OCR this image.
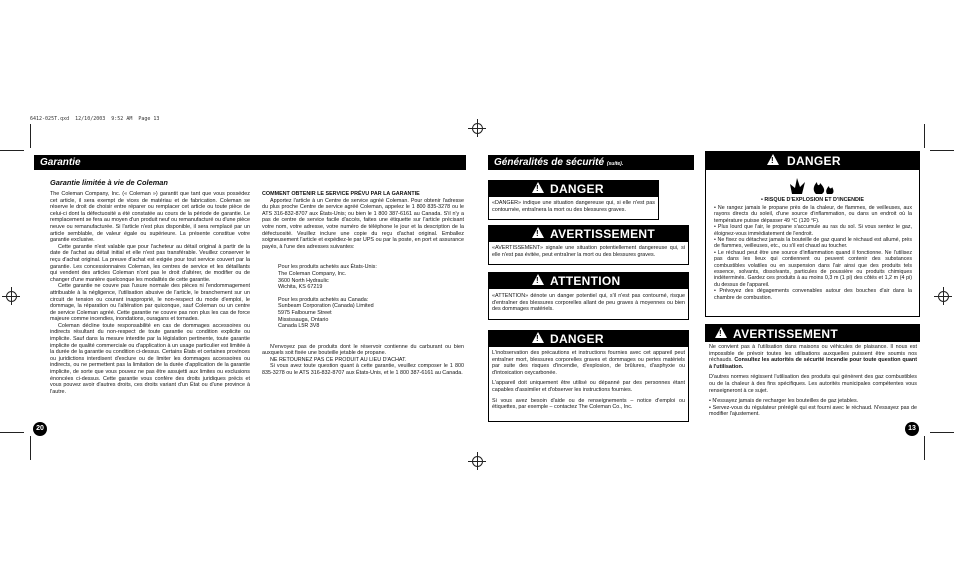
6412-025T.qxd  12/10/2003  9:52 AM  Page 13
Garantie
Garantie limitée à vie de Coleman

The Coleman Company, Inc. (« Coleman ») garantit que tant que vous possédez cet article, il sera exempt de vices de matériau et de fabrication. Coleman se réserve le droit de choisir entre réparer ou remplacer cet article ou toute pièce de celui-ci dont la défectuosité a été constatée au cours de la période de garantie. Le remplacement se fera au moyen d'un produit neuf ou remanufacturé ou d'une pièce neuve ou remanufacturée. Si l'article n'est plus disponible, il sera remplacé par un article semblable, de valeur égale ou supérieure. La présente constitue votre garantie exclusive.

Cette garantie n'est valable que pour l'acheteur au détail original à partir de la date de l'achat au détail initial et elle n'est pas transférable. Veuillez conserver le reçu d'achat original. La preuve d'achat est exigée pour tout service couvert par la garantie. Les concessionnaires Coleman, les centres de service et les détaillants qui vendent des articles Coleman n'ont pas le droit d'altérer, de modifier ou de changer d'une manière quelconque les modalités de cette garantie.

Cette garantie ne couvre pas l'usure normale des pièces ni l'endommagement attribuable à la négligence, l'utilisation abusive de l'article, le branchement sur un circuit de tension ou courant inapproprié, le non-respect du mode d'emploi, le dommage, la réparation ou l'altération par quiconque, sauf Coleman ou un centre de service Coleman agréé. Cette garantie ne couvre pas non plus les cas de force majeure comme incendies, inondations, ouragans et tornades.

Coleman décline toute responsabilité en cas de dommages accessoires ou indirects résultant du non-respect de toute garantie ou condition explicite ou implicite. Sauf dans la mesure interdite par la législation pertinente, toute garantie implicite de qualité commerciale ou d'application à un usage particulier est limitée à la durée de la garantie ou condition ci-dessus. Certains États et certaines provinces ou juridictions interdisent d'exclure ou de limiter les dommages accessoires ou indirects, ou ne permettent pas la limitation de la durée d'application de la garantie implicite, de sorte que vous pouvez ne pas être assujetti aux limites ou exclusions énoncées ci-dessus. Cette garantie vous confère des droits juridiques précis et vous pouvez avoir d'autres droits, ces droits variant d'un État ou d'une province à l'autre.

COMMENT OBTENIR LE SERVICE PRÉVU PAR LA GARANTIE

Apportez l'article à un Centre de service agréé Coleman. Pour obtenir l'adresse du plus proche Centre de service agréé Coleman, appelez le 1 800 835-3278 ou le ATS 316-832-8707 aux États-Unis; ou bien le 1 800 387-6161 au Canada. S'il n'y a pas de centre de service facile d'accès, faites une étiquette sur l'article précisant votre nom, votre adresse, votre numéro de téléphone le jour et la description de la défectuosité. Veuillez inclure une copie du reçu d'achat original. Emballez soigneusement l'article et expédiez-le par UPS ou par la poste, en port et assurance payés, à l'une des adresses suivantes:

Pour les produits achetés aux États-Unis:

The Coleman Company, Inc.
3600 North Hydraulic
Wichita, KS 67219

Pour les produits achetés au Canada:

Sunbeam Corporation (Canada) Limited
5975 Falbourne Street
Mississauga, Ontario
Canada L5R 3V8

N'envoyez pas de produits dont le réservoir contienne du carburant ou bien auxquels soit fixée une bouteille jetable de propane.

NE RETOURNEZ PAS CE PRODUIT AU LIEU D'ACHAT.

Si vous avez toute question quant à cette garantie, veuillez composer le 1 800 835-3278 ou le ATS 316-832-8707 aux États-Unis, et le 1 800 387-6161 au Canada.

20
Généralités de sécurité (suite).
!
DANGER
«DANGER» indique une situation dangereuse qui, si elle n'est pas contournée, entraînera la mort ou des blessures graves.
!
AVERTISSEMENT
«AVERTISSEMENT» signale une situation potentiellement dangereuse qui, si elle n'est pas évitée, peut entraîner la mort ou des blessures graves.
!
ATTENTION
«ATTENTION» dénote un danger potentiel qui, s'il n'est pas contourné, risque d'entraîner des blessures corporelles allant de peu graves à moyennes ou bien des dommages matériels.
!
DANGER

L'inobservation des précautions et instructions fournies avec cet appareil peut entraîner mort, blessures corporelles graves et dommages ou pertes matériels par suite des risques d'incendie, d'explosion, de brûlures, d'asphyxie ou d'intoxication oxycarbonée.

L'appareil doit uniquement être utilisé ou dépanné par des personnes étant capables d'assimiler et d'observer les instructions fournies.

Si vous avez besoin d'aide ou de renseignements – notice d'emploi ou étiquettes, par exemple – contactez The Coleman Co., Inc.

!
DANGER
• RISQUE D'EXPLOSION ET D'INCENDIE

• Ne rangez jamais le propane près de la chaleur, de flammes, de veilleuses, aux rayons directs du soleil, d'une source d'inflammation, ou dans un endroit où la température puisse dépasser 49 °C (120 °F).

• Plus lourd que l'air, le propane s'accumule au ras du sol. Si vous sentez le gaz, éloignez-vous immédiatement de l'endroit.

• Ne fixez ou détachez jamais la bouteille de gaz quand le réchaud est allumé, près de flammes, veilleuses, etc., ou s'il est chaud au toucher.

• Le réchaud peut être une source d'inflammation quand il fonctionne. Ne l'utilisez pas dans les lieux qui contiennent ou peuvent contenir des substances combustibles volatiles ou en suspension dans l'air ainsi que des produits tels essence, solvants, dissolvants, particules de poussière ou produits chimiques indéterminés. Gardez ces produits à au moins 0,3 m (1 pi) des côtés et 1,2 m (4 pi) du dessus de l'appareil.

• Prévoyez des dégagements convenables autour des bouches d'air dans la chambre de combustion.

!
AVERTISSEMENT

Ne convient pas à l'utilisation dans maisons ou véhicules de plaisance. Il nous est impossible de prévoir toutes les utilisations auxquelles puissent être soumis nos réchauds. Consultez les autorités de sécurité incendie pour toute question quant à l'utilisation.

D'autres normes régissent l'utilisation des produits qui génèrent des gaz combustibles ou de la chaleur à des fins spécifiques. Les autorités municipales compétentes vous renseigneront à ce sujet.

• N'essayez jamais de recharger les bouteilles de gaz jetables.

• Servez-vous du régulateur préréglé qui est fourni avec le réchaud. N'essayez pas de modifier l'ajustement.

13
